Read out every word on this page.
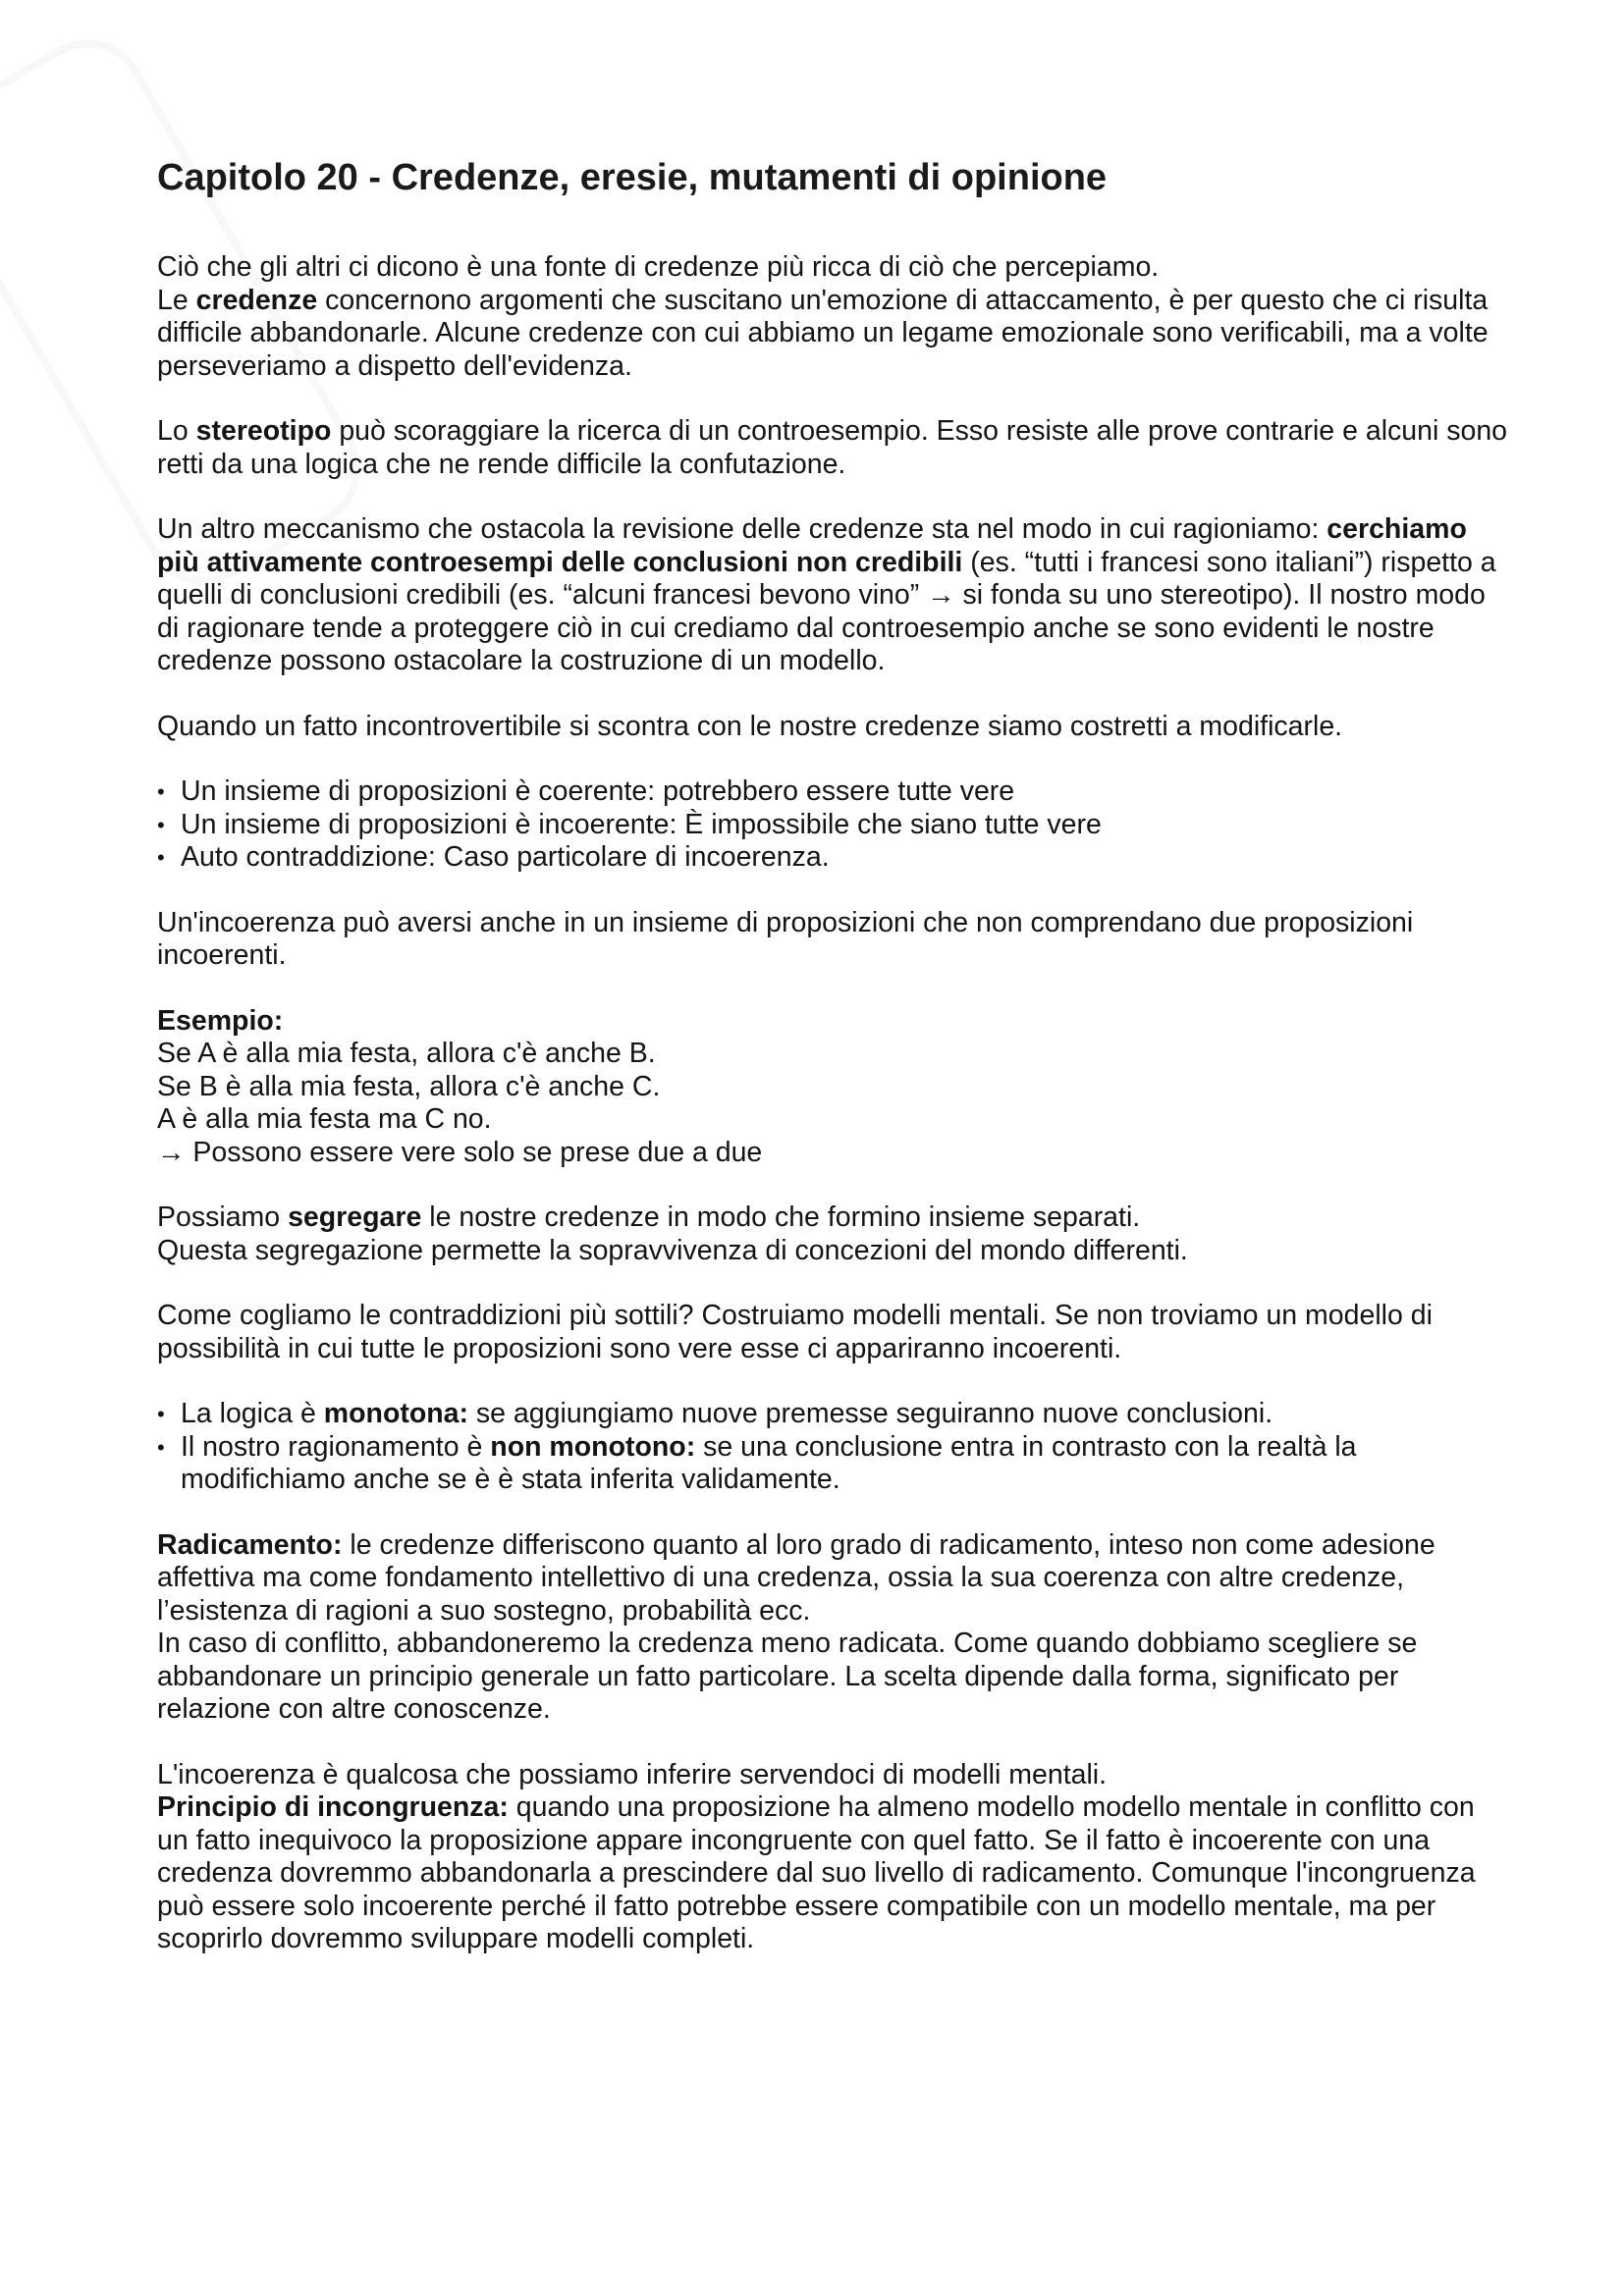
Capitolo 20 - Credenze, eresie, mutamenti di opinione

Ciò che gli altri ci dicono è una fonte di credenze più ricca di ciò che percepiamo.
Le credenze concernono argomenti che suscitano un'emozione di attaccamento, è per questo che ci risulta difficile abbandonarle. Alcune credenze con cui abbiamo un legame emozionale sono verificabili, ma a volte perseveriamo a dispetto dell'evidenza.

Lo stereotipo può scoraggiare la ricerca di un controesempio. Esso resiste alle prove contrarie e alcuni sono retti da una logica che ne rende difficile la confutazione.

Un altro meccanismo che ostacola la revisione delle credenze sta nel modo in cui ragioniamo: cerchiamo più attivamente controesempi delle conclusioni non credibili (es. “tutti i francesi sono italiani”) rispetto a quelli di conclusioni credibili (es. “alcuni francesi bevono vino” → si fonda su uno stereotipo). Il nostro modo di ragionare tende a proteggere ciò in cui crediamo dal controesempio anche se sono evidenti le nostre credenze possono ostacolare la costruzione di un modello.

Quando un fatto incontrovertibile si scontra con le nostre credenze siamo costretti a modificarle.

• Un insieme di proposizioni è coerente: potrebbero essere tutte vere
• Un insieme di proposizioni è incoerente: È impossibile che siano tutte vere
• Auto contraddizione: Caso particolare di incoerenza.

Un'incoerenza può aversi anche in un insieme di proposizioni che non comprendano due proposizioni incoerenti.

Esempio:
Se A è alla mia festa, allora c'è anche B.
Se B è alla mia festa, allora c'è anche C.
A è alla mia festa ma C no.
→ Possono essere vere solo se prese due a due

Possiamo segregare le nostre credenze in modo che formino insieme separati.
Questa segregazione permette la sopravvivenza di concezioni del mondo differenti.

Come cogliamo le contraddizioni più sottili? Costruiamo modelli mentali. Se non troviamo un modello di possibilità in cui tutte le proposizioni sono vere esse ci appariranno incoerenti.

• La logica è monotona: se aggiungiamo nuove premesse seguiranno nuove conclusioni.
• Il nostro ragionamento è non monotono: se una conclusione entra in contrasto con la realtà la modifichiamo anche se è è stata inferita validamente.

Radicamento: le credenze differiscono quanto al loro grado di radicamento, inteso non come adesione affettiva ma come fondamento intellettivo di una credenza, ossia la sua coerenza con altre credenze, l’esistenza di ragioni a suo sostegno, probabilità ecc.
In caso di conflitto, abbandoneremo la credenza meno radicata. Come quando dobbiamo scegliere se abbandonare un principio generale un fatto particolare. La scelta dipende dalla forma, significato per relazione con altre conoscenze.

L'incoerenza è qualcosa che possiamo inferire servendoci di modelli mentali.
Principio di incongruenza: quando una proposizione ha almeno modello modello mentale in conflitto con un fatto inequivoco la proposizione appare incongruente con quel fatto. Se il fatto è incoerente con una credenza dovremmo abbandonarla a prescindere dal suo livello di radicamento. Comunque l'incongruenza può essere solo incoerente perché il fatto potrebbe essere compatibile con un modello mentale, ma per scoprirlo dovremmo sviluppare modelli completi.
